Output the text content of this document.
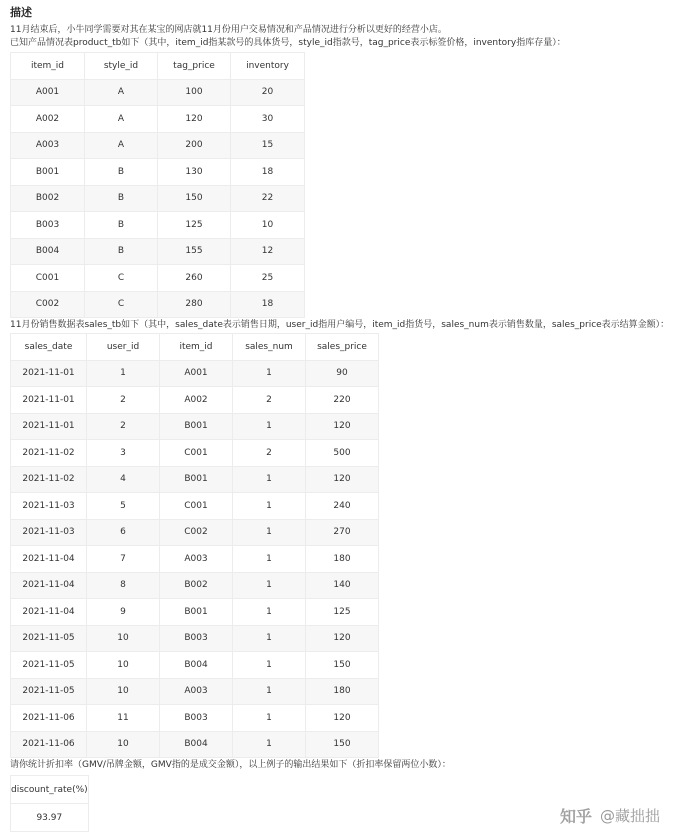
描述
11月结束后，小牛同学需要对其在某宝的网店就11月份用户交易情况和产品情况进行分析以更好的经营小店。
已知产品情况表product_tb如下（其中，item_id指某款号的具体货号，style_id指款号，tag_price表示标签价格，inventory指库存量）：
item_id	style_id	tag_price	inventory
A001	A	100	20
A002	A	120	30
A003	A	200	15
B001	B	130	18
B002	B	150	22
B003	B	125	10
B004	B	155	12
C001	C	260	25
C002	C	280	18
11月份销售数据表sales_tb如下（其中，sales_date表示销售日期，user_id指用户编号，item_id指货号，sales_num表示销售数量，sales_price表示结算金额）：
sales_date	user_id	item_id	sales_num	sales_price
2021-11-01	1	A001	1	90
2021-11-01	2	A002	2	220
2021-11-01	2	B001	1	120
2021-11-02	3	C001	2	500
2021-11-02	4	B001	1	120
2021-11-03	5	C001	1	240
2021-11-03	6	C002	1	270
2021-11-04	7	A003	1	180
2021-11-04	8	B002	1	140
2021-11-04	9	B001	1	125
2021-11-05	10	B003	1	120
2021-11-05	10	B004	1	150
2021-11-05	10	A003	1	180
2021-11-06	11	B003	1	120
2021-11-06	10	B004	1	150
请你统计折扣率（GMV/吊牌金额，GMV指的是成交金额），以上例子的输出结果如下（折扣率保留两位小数）：
discount_rate(%)
93.97	知乎 @藏拙拙
